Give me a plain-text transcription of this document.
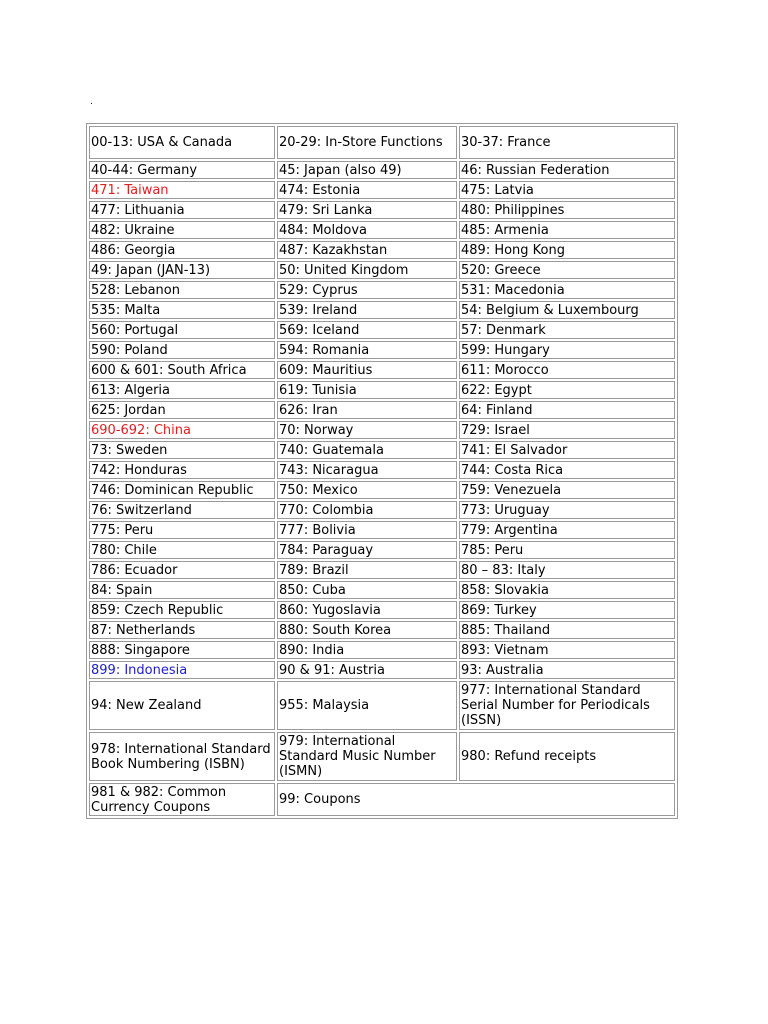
.
00-13: USA & Canada	20-29: In-Store Functions	30-37: France
40-44: Germany	45: Japan (also 49)	46: Russian Federation
471: Taiwan	474: Estonia	475: Latvia
477: Lithuania	479: Sri Lanka	480: Philippines
482: Ukraine	484: Moldova	485: Armenia
486: Georgia	487: Kazakhstan	489: Hong Kong
49: Japan (JAN-13)	50: United Kingdom	520: Greece
528: Lebanon	529: Cyprus	531: Macedonia
535: Malta	539: Ireland	54: Belgium & Luxembourg
560: Portugal	569: Iceland	57: Denmark
590: Poland	594: Romania	599: Hungary
600 & 601: South Africa	609: Mauritius	611: Morocco
613: Algeria	619: Tunisia	622: Egypt
625: Jordan	626: Iran	64: Finland
690-692: China	70: Norway	729: Israel
73: Sweden	740: Guatemala	741: El Salvador
742: Honduras	743: Nicaragua	744: Costa Rica
746: Dominican Republic	750: Mexico	759: Venezuela
76: Switzerland	770: Colombia	773: Uruguay
775: Peru	777: Bolivia	779: Argentina
780: Chile	784: Paraguay	785: Peru
786: Ecuador	789: Brazil	80 – 83: Italy
84: Spain	850: Cuba	858: Slovakia
859: Czech Republic	860: Yugoslavia	869: Turkey
87: Netherlands	880: South Korea	885: Thailand
888: Singapore	890: India	893: Vietnam
899: Indonesia	90 & 91: Austria	93: Australia
94: New Zealand	955: Malaysia	977: International Standard Serial Number for Periodicals (ISSN)
978: International Standard Book Numbering (ISBN)	979: International Standard Music Number (ISMN)	980: Refund receipts
981 & 982: Common Currency Coupons	99: Coupons	
